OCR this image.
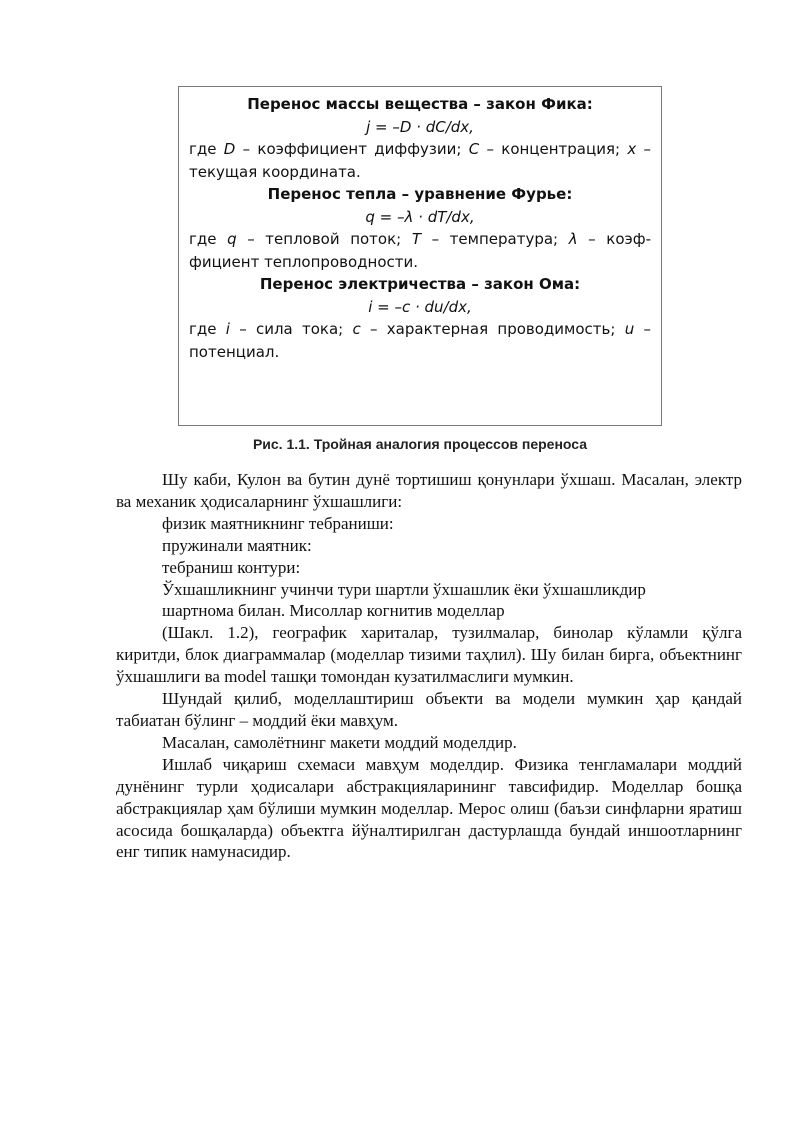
Перенос массы вещества – закон Фика:

j = –D · dC/dx,

где D – коэффициент диффузии; C – концентрация; x – текущая координата.

Перенос тепла – уравнение Фурье:

q = –λ · dT/dx,

где q – тепловой поток; T – температура; λ – коэффициент теплопроводности.

Перенос электричества – закон Ома:

i = –c · du/dx,

где i – сила тока; c – характерная проводимость; u – потенциал.

Рис. 1.1. Тройная аналогия процессов переноса

Шу каби, Кулон ва бутин дунё тортишиш қонунлари ўхшаш. Масалан, электр ва механик ҳодисаларнинг ўхшашлиги:

физик маятникнинг тебраниши:

пружинали маятник:

тебраниш контури:

Ўхшашликнинг учинчи тури шартли ўхшашлик ёки ўхшашликдир

шартнома билан. Мисоллар когнитив моделлар

(Шакл. 1.2), географик хариталар, тузилмалар, бинолар кўламли қўлга киритди, блок диаграммалар (моделлар тизими таҳлил). Шу билан бирга, объектнинг ўхшашлиги ва model ташқи томондан кузатилмаслиги мумкин.

Шундай қилиб, моделлаштириш объекти ва модели мумкин ҳар қандай табиатан бўлинг – моддий ёки мавҳум.

Масалан, самолётнинг макети моддий моделдир.

Ишлаб чиқариш схемаси мавҳум моделдир. Физика тенгламалари моддий дунёнинг турли ҳодисалари абстракцияларининг тавсифидир. Моделлар бошқа абстракциялар ҳам бўлиши мумкин моделлар. Мерос олиш (баъзи синфларни яратиш асосида бошқаларда) объектга йўналтирилган дастурлашда бундай иншоотларнинг енг типик намунасидир.
